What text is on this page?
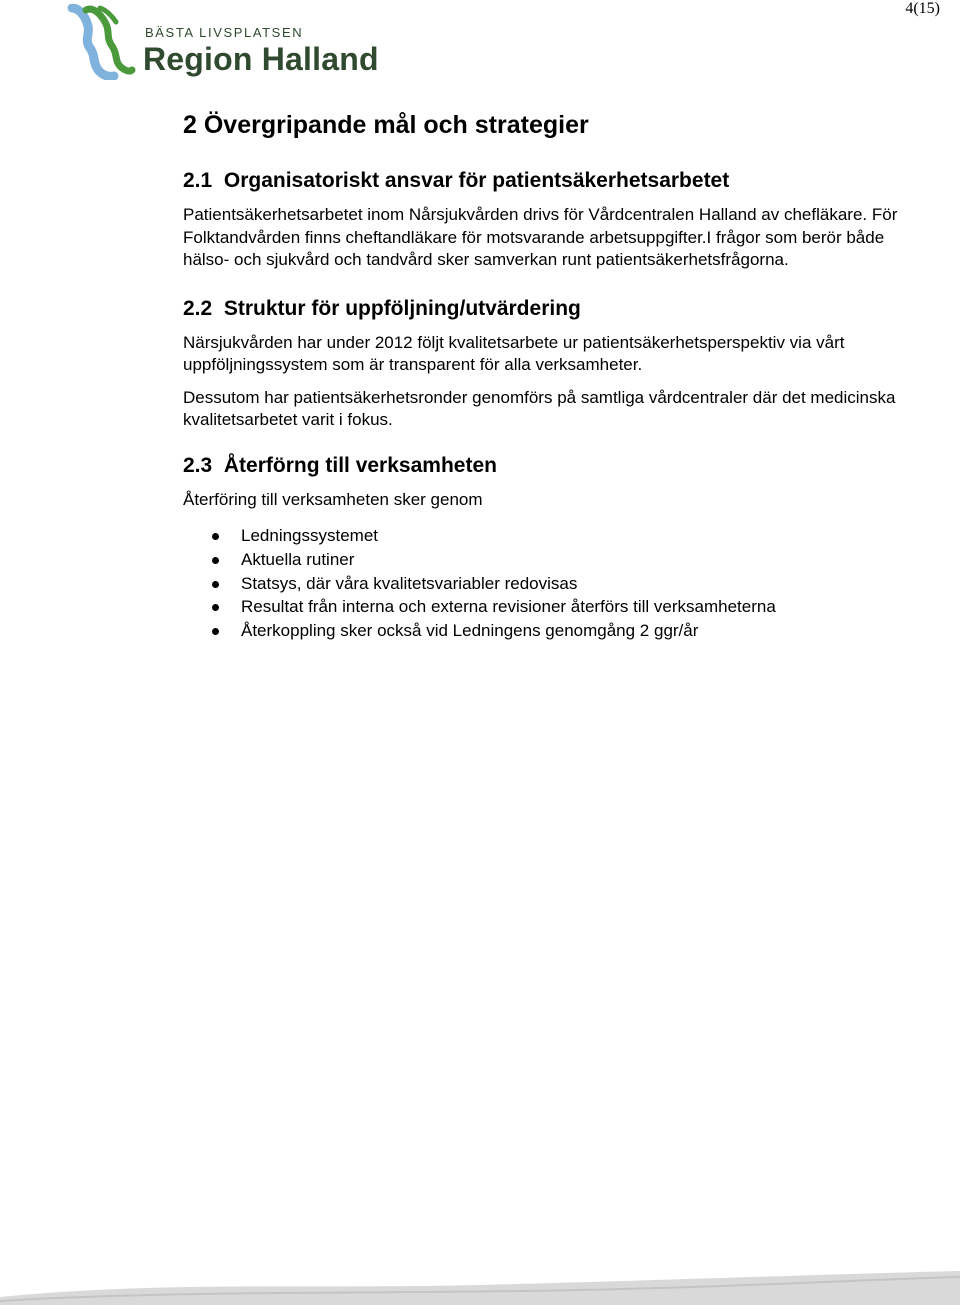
4(15)
BÄSTA LIVSPLATSEN
Region Halland
2 Övergripande mål och strategier
2.1 Organisatoriskt ansvar för patientsäkerhetsarbetet

Patientsäkerhetsarbetet inom Nårsjukvården drivs för Vårdcentralen Halland av chefläkare. För Folktandvården finns cheftandläkare för motsvarande arbetsuppgifter.I frågor som berör både hälso- och sjukvård och tandvård sker samverkan runt patientsäkerhetsfrågorna.

2.2 Struktur för uppföljning/utvärdering

Närsjukvården har under 2012 följt kvalitetsarbete ur patientsäkerhetsperspektiv via vårt uppföljningssystem som är transparent för alla verksamheter.

Dessutom har patientsäkerhetsronder genomförs på samtliga vårdcentraler där det medicinska kvalitetsarbetet varit i fokus.

2.3 Återförng till verksamheten

Återföring till verksamheten sker genom

Ledningssystemet
Aktuella rutiner
Statsys, där våra kvalitetsvariabler redovisas
Resultat från interna och externa revisioner återförs till verksamheterna
Återkoppling sker också vid Ledningens genomgång 2 ggr/år
